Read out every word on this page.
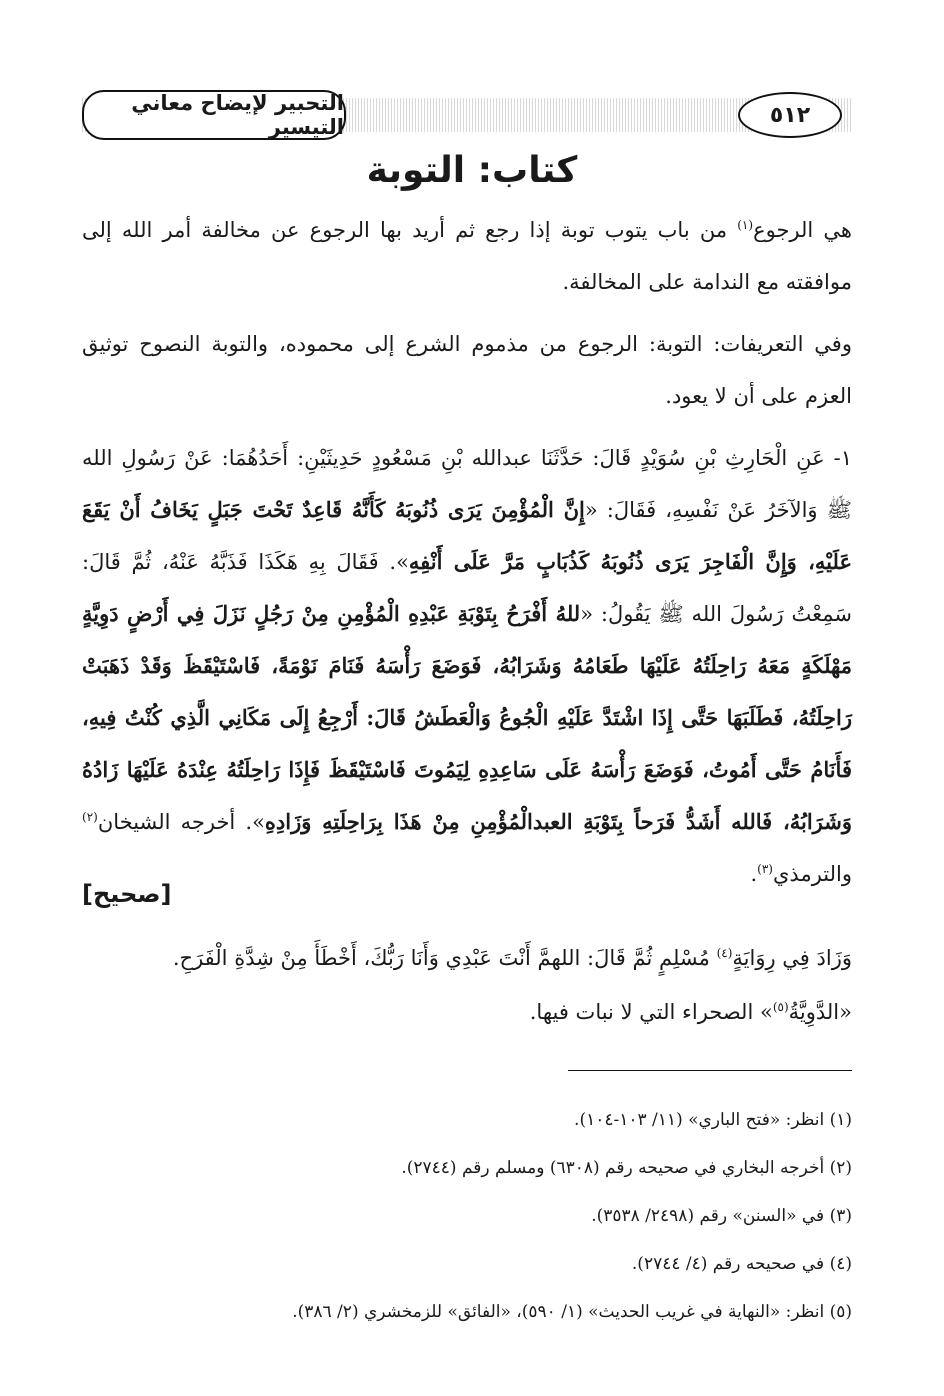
التحبير لإيضاح معاني التيسير	٥١٢
كتاب: التوبة
هي الرجوع$^{(١)}$ من باب يتوب توبة إذا رجع ثم أريد بها الرجوع عن مخالفة أمر الله إلى موافقته مع الندامة على المخالفة.
وفي التعريفات: التوبة: الرجوع من مذموم الشرع إلى محموده، والتوبة النصوح توثيق العزم على أن لا يعود.
١- عَنِ الْحَارِثِ بْنِ سُوَيْدٍ قَالَ: حَدَّثَنَا عبدالله بْنِ مَسْعُودٍ حَدِيثَيْنِ: أَحَدُهُمَا: عَنْ رَسُولِ الله ﷺ وَالآخَرُ عَنْ نَفْسِهِ، فَقَالَ: «إِنَّ الْمُؤْمِنَ يَرَى ذُنُوبَهُ كَأَنَّهُ قَاعِدٌ تَحْتَ جَبَلٍ يَخَافُ أَنْ يَقَعَ عَلَيْهِ، وَإِنَّ الْفَاجِرَ يَرَى ذُنُوبَهُ كَذُبَابٍ مَرَّ عَلَى أَنْفِهِ». فَقَالَ بِهِ هَكَذَا فَذَبَّهُ عَنْهُ، ثُمَّ قَالَ: سَمِعْتُ رَسُولَ الله ﷺ يَقُولُ: «للهُ أَفْرَحُ بِتَوْبَةِ عَبْدِهِ الْمُؤْمِنِ مِنْ رَجُلٍ نَزَلَ فِي أَرْضٍ دَوِيَّةٍ مَهْلَكَةٍ مَعَهُ رَاحِلَتُهُ عَلَيْهَا طَعَامُهُ وَشَرَابُهُ، فَوَضَعَ رَأْسَهُ فَنَامَ نَوْمَةً، فَاسْتَيْقَظَ وَقَدْ ذَهَبَتْ رَاحِلَتُهُ، فَطَلَبَهَا حَتَّى إِذَا اشْتَدَّ عَلَيْهِ الْجُوعُ وَالْعَطَشُ قَالَ: أَرْجِعُ إِلَى مَكَانِي الَّذِي كُنْتُ فِيهِ، فَأَنَامُ حَتَّى أَمُوتُ، فَوَضَعَ رَأْسَهُ عَلَى سَاعِدِهِ لِيَمُوتَ فَاسْتَيْقَظَ فَإِذَا رَاحِلَتُهُ عِنْدَهُ عَلَيْهَا زَادُهُ وَشَرَابُهُ، فَالله أَشَدُّ فَرَحاً بِتَوْبَةِ العبدالْمُؤْمِنِ مِنْ هَذَا بِرَاحِلَتِهِ وَزَادِهِ». أخرجه الشيخان$^{(٢)}$ والترمذي$^{(٣)}$.
[صحيح]
وَزَادَ فِي رِوَايَةٍ$^{(٤)}$ مُسْلِمٍ ثُمَّ قَالَ: اللهمَّ أَنْتَ عَبْدِي وَأَنَا رَبُّكَ، أَخْطَأَ مِنْ شِدَّةِ الْفَرَحِ.
«الدَّوِيَّةُ$^{(٥)}$» الصحراء التي لا نبات فيها.
(١) انظر: «فتح الباري» (١١/ ١٠٣-١٠٤).
(٢) أخرجه البخاري في صحيحه رقم (٦٣٠٨) ومسلم رقم (٢٧٤٤).
(٣) في «السنن» رقم (٢٤٩٨/ ٣٥٣٨).
(٤) في صحيحه رقم (٤/ ٢٧٤٤).
(٥) انظر: «النهاية في غريب الحديث» (١/ ٥٩٠)، «الفائق» للزمخشري (٢/ ٣٨٦).
